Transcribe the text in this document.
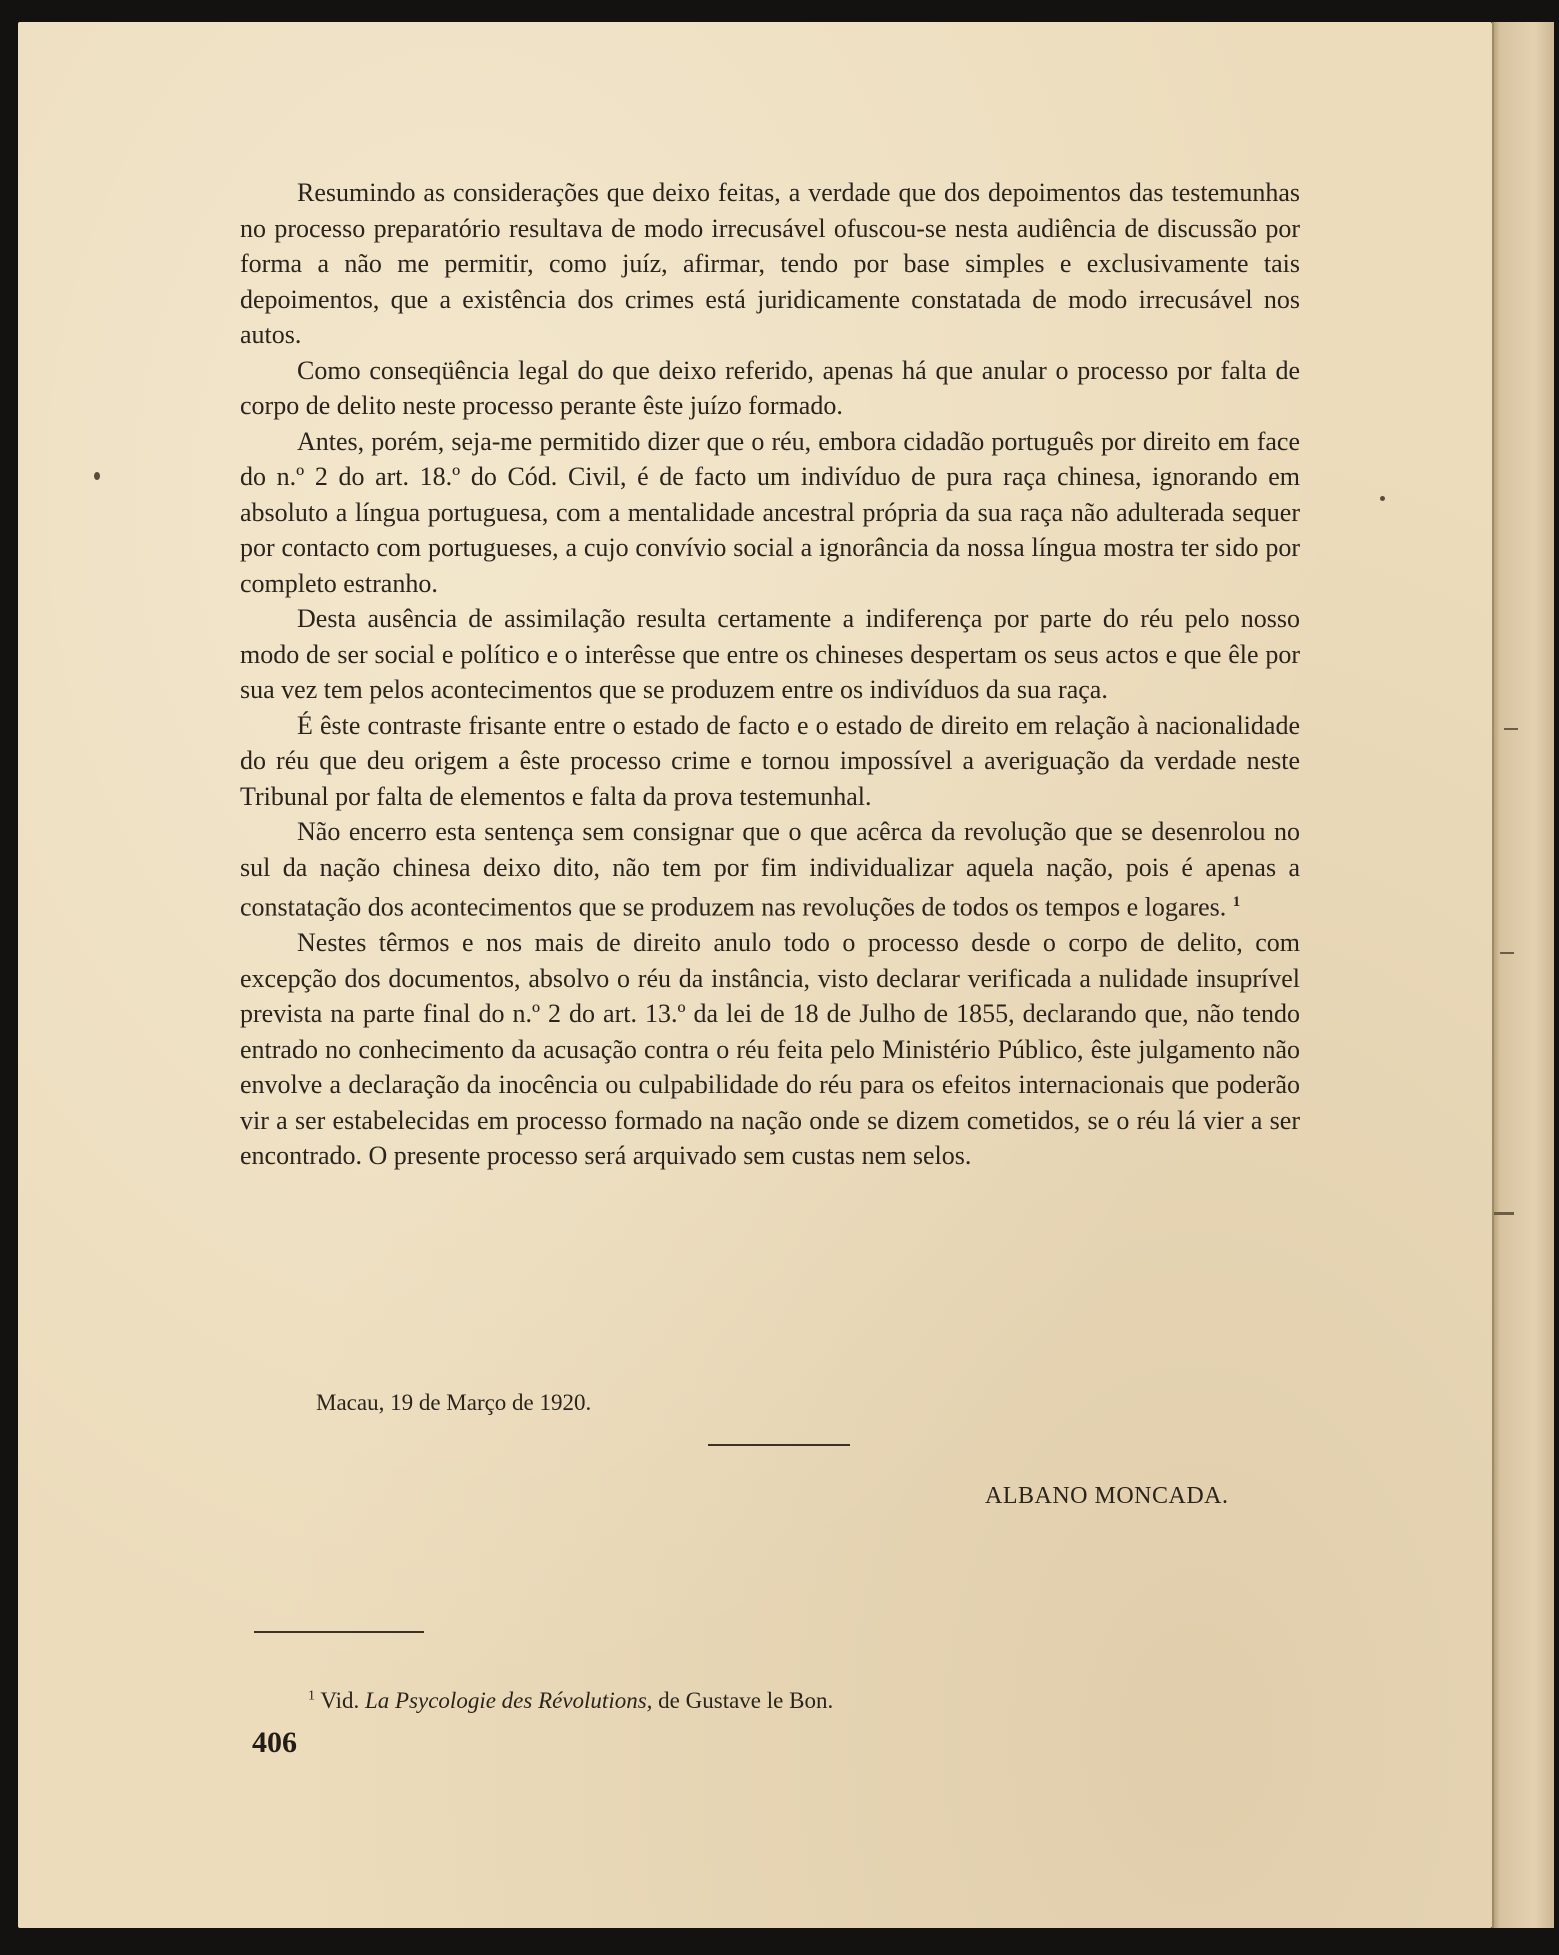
Resumindo as considerações que deixo feitas, a verdade que dos depoimentos das testemunhas no processo preparatório resultava de modo irrecusável ofuscou-se nesta audiência de discussão por forma a não me permitir, como juíz, afirmar, tendo por base simples e exclusivamente tais depoimentos, que a existência dos crimes está juridicamente constatada de modo irrecusável nos autos.

Como conseqüência legal do que deixo referido, apenas há que anular o processo por falta de corpo de delito neste processo perante êste juízo formado.

Antes, porém, seja-me permitido dizer que o réu, embora cidadão português por direito em face do n.º 2 do art. 18.º do Cód. Civil, é de facto um indivíduo de pura raça chinesa, ignorando em absoluto a língua portuguesa, com a mentalidade ancestral própria da sua raça não adulterada sequer por contacto com portugueses, a cujo convívio social a ignorância da nossa língua mostra ter sido por completo estranho.

Desta ausência de assimilação resulta certamente a indiferença por parte do réu pelo nosso modo de ser social e político e o interêsse que entre os chineses despertam os seus actos e que êle por sua vez tem pelos acontecimentos que se produzem entre os indivíduos da sua raça.

É êste contraste frisante entre o estado de facto e o estado de direito em relação à nacionalidade do réu que deu origem a êste processo crime e tornou impossível a averiguação da verdade neste Tribunal por falta de elementos e falta da prova testemunhal.

Não encerro esta sentença sem consignar que o que acêrca da revolução que se desenrolou no sul da nação chinesa deixo dito, não tem por fim individualizar aquela nação, pois é apenas a constatação dos acontecimentos que se produzem nas revoluções de todos os tempos e logares. $^1$

Nestes têrmos e nos mais de direito anulo todo o processo desde o corpo de delito, com excepção dos documentos, absolvo o réu da instância, visto declarar verificada a nulidade insuprível prevista na parte final do n.º 2 do art. 13.º da lei de 18 de Julho de 1855, declarando que, não tendo entrado no conhecimento da acusação contra o réu feita pelo Ministério Público, êste julgamento não envolve a declaração da inocência ou culpabilidade do réu para os efeitos internacionais que poderão vir a ser estabelecidas em processo formado na nação onde se dizem cometidos, se o réu lá vier a ser encontrado. O presente processo será arquivado sem custas nem selos.

Macau, 19 de Março de 1920.
ALBANO MONCADA.
$^1$ Vid. La Psycologie des Révolutions, de Gustave le Bon.
406
